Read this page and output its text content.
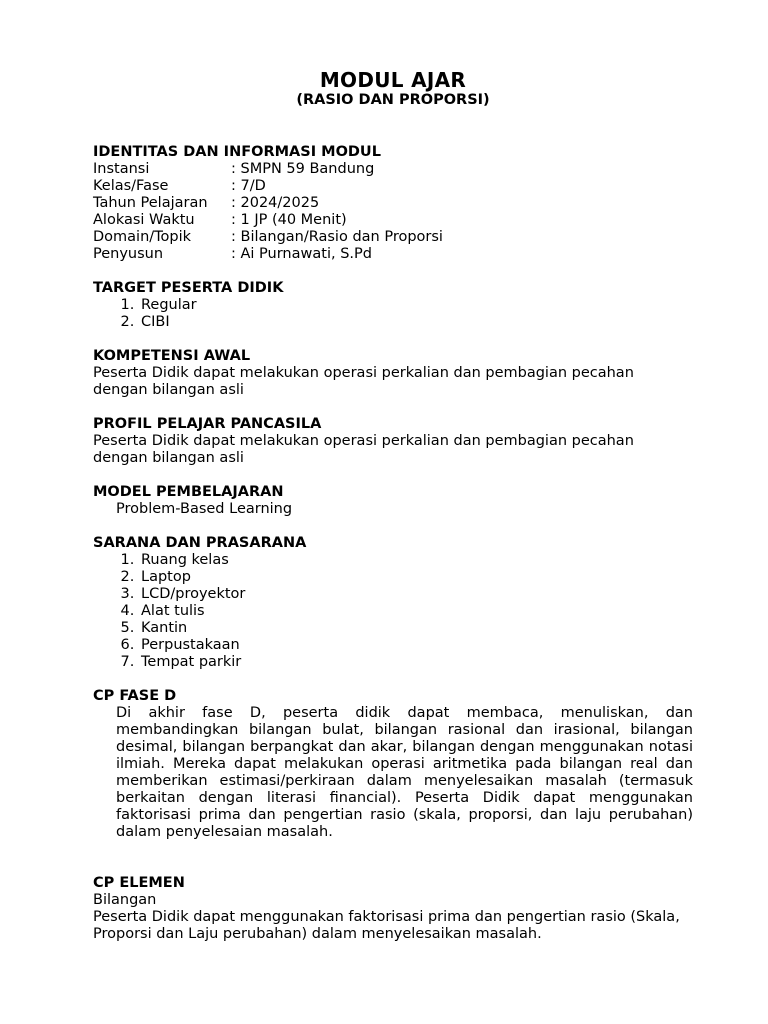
MODUL AJAR
(RASIO DAN PROPORSI)
IDENTITAS DAN INFORMASI MODUL
Instansi	: SMPN 59 Bandung
Kelas/Fase	: 7/D
Tahun Pelajaran	: 2024/2025
Alokasi Waktu	: 1 JP (40 Menit)
Domain/Topik	: Bilangan/Rasio dan Proporsi
Penyusun	: Ai Purnawati, S.Pd
TARGET PESERTA DIDIK
1. Regular
2. CIBI
KOMPETENSI AWAL

Peserta Didik dapat melakukan operasi perkalian dan pembagian pecahan dengan bilangan asli

PROFIL PELAJAR PANCASILA

Peserta Didik dapat melakukan operasi perkalian dan pembagian pecahan dengan bilangan asli

MODEL PEMBELAJARAN

Problem-Based Learning

SARANA DAN PRASARANA
1. Ruang kelas
2. Laptop
3. LCD/proyektor
4. Alat tulis
5. Kantin
6. Perpustakaan
7. Tempat parkir
CP FASE D

Di akhir fase D, peserta didik dapat membaca, menuliskan, dan membandingkan bilangan bulat, bilangan rasional dan irasional, bilangan desimal, bilangan berpangkat dan akar, bilangan dengan menggunakan notasi ilmiah. Mereka dapat melakukan operasi aritmetika pada bilangan real dan memberikan estimasi/perkiraan dalam menyelesaikan masalah (termasuk berkaitan dengan literasi financial). Peserta Didik dapat menggunakan faktorisasi prima dan pengertian rasio (skala, proporsi, dan laju perubahan) dalam penyelesaian masalah.

CP ELEMEN

Bilangan

Peserta Didik dapat menggunakan faktorisasi prima dan pengertian rasio (Skala, Proporsi dan Laju perubahan) dalam menyelesaikan masalah.
